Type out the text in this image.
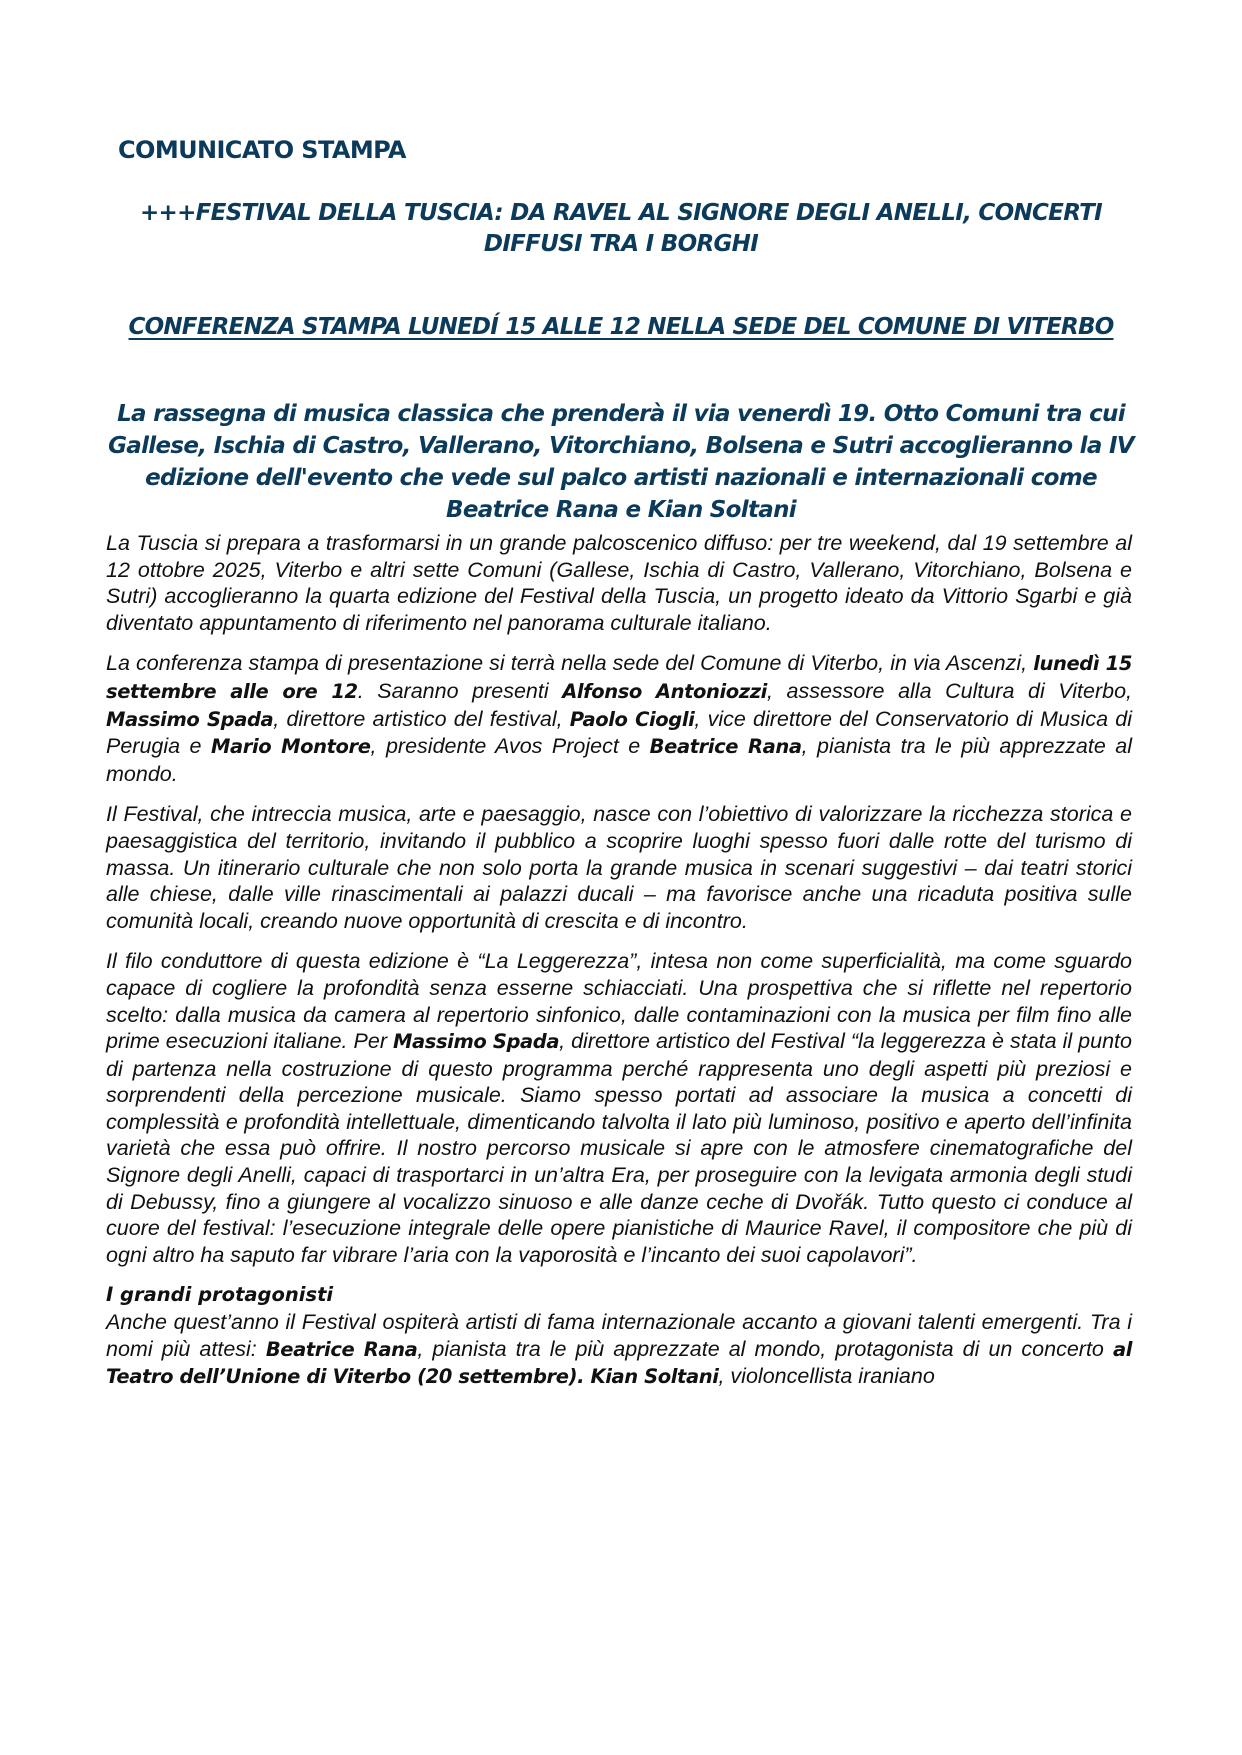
COMUNICATO STAMPA
+++FESTIVAL DELLA TUSCIA: DA RAVEL AL SIGNORE DEGLI ANELLI, CONCERTI DIFFUSI TRA I BORGHI
CONFERENZA STAMPA LUNEDÍ 15 ALLE 12 NELLA SEDE DEL COMUNE DI VITERBO
La rassegna di musica classica che prenderà il via venerdì 19. Otto Comuni tra cui Gallese, Ischia di Castro, Vallerano, Vitorchiano, Bolsena e Sutri accoglieranno la IV edizione dell'evento che vede sul palco artisti nazionali e internazionali come Beatrice Rana e Kian Soltani

La Tuscia si prepara a trasformarsi in un grande palcoscenico diffuso: per tre weekend, dal 19 settembre al 12 ottobre 2025, Viterbo e altri sette Comuni (Gallese, Ischia di Castro, Vallerano, Vitorchiano, Bolsena e Sutri) accoglieranno la quarta edizione del Festival della Tuscia, un progetto ideato da Vittorio Sgarbi e già diventato appuntamento di riferimento nel panorama culturale italiano.

La conferenza stampa di presentazione si terrà nella sede del Comune di Viterbo, in via Ascenzi, lunedì 15 settembre alle ore 12. Saranno presenti Alfonso Antoniozzi, assessore alla Cultura di Viterbo, Massimo Spada, direttore artistico del festival, Paolo Ciogli, vice direttore del Conservatorio di Musica di Perugia e Mario Montore, presidente Avos Project e Beatrice Rana, pianista tra le più apprezzate al mondo.

Il Festival, che intreccia musica, arte e paesaggio, nasce con l’obiettivo di valorizzare la ricchezza storica e paesaggistica del territorio, invitando il pubblico a scoprire luoghi spesso fuori dalle rotte del turismo di massa. Un itinerario culturale che non solo porta la grande musica in scenari suggestivi – dai teatri storici alle chiese, dalle ville rinascimentali ai palazzi ducali – ma favorisce anche una ricaduta positiva sulle comunità locali, creando nuove opportunità di crescita e di incontro.

Il filo conduttore di questa edizione è “La Leggerezza”, intesa non come superficialità, ma come sguardo capace di cogliere la profondità senza esserne schiacciati. Una prospettiva che si riflette nel repertorio scelto: dalla musica da camera al repertorio sinfonico, dalle contaminazioni con la musica per film fino alle prime esecuzioni italiane. Per Massimo Spada, direttore artistico del Festival “la leggerezza è stata il punto di partenza nella costruzione di questo programma perché rappresenta uno degli aspetti più preziosi e sorprendenti della percezione musicale. Siamo spesso portati ad associare la musica a concetti di complessità e profondità intellettuale, dimenticando talvolta il lato più luminoso, positivo e aperto dell’infinita varietà che essa può offrire. Il nostro percorso musicale si apre con le atmosfere cinematografiche del Signore degli Anelli, capaci di trasportarci in un’altra Era, per proseguire con la levigata armonia degli studi di Debussy, fino a giungere al vocalizzo sinuoso e alle danze ceche di Dvořák. Tutto questo ci conduce al cuore del festival: l’esecuzione integrale delle opere pianistiche di Maurice Ravel, il compositore che più di ogni altro ha saputo far vibrare l’aria con la vaporosità e l’incanto dei suoi capolavori”.

I grandi protagonisti

Anche quest’anno il Festival ospiterà artisti di fama internazionale accanto a giovani talenti emergenti. Tra i nomi più attesi: Beatrice Rana, pianista tra le più apprezzate al mondo, protagonista di un concerto al Teatro dell’Unione di Viterbo (20 settembre). Kian Soltani, violoncellista iraniano
